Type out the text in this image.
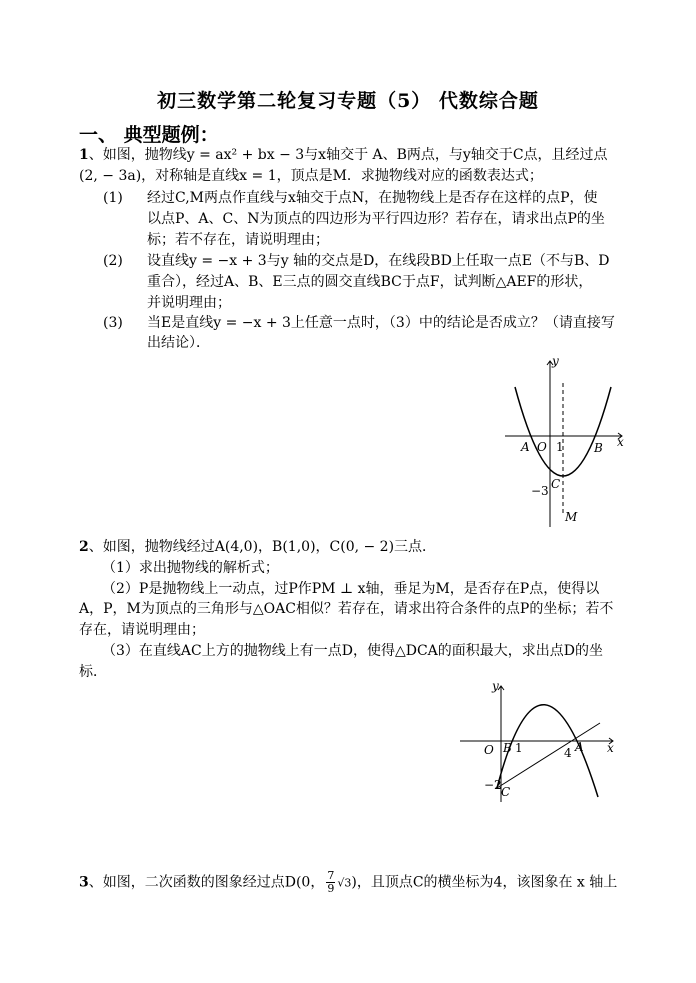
初三数学第二轮复习专题（5） 代数综合题
一、 典型题例：
1、如图，抛物线y = ax² + bx − 3与x轴交于 A、B两点，与y轴交于C点，且经过点
(2, − 3a)，对称轴是直线x = 1，顶点是M．求抛物线对应的函数表达式；
(1) 经过C,M两点作直线与x轴交于点N，在抛物线上是否存在这样的点P，使
以点P、A、C、N为顶点的四边形为平行四边形？若存在，请求出点P的坐
标；若不存在，请说明理由；
(2) 设直线y = −x + 3与y 轴的交点是D，在线段BD上任取一点E（不与B、D
重合），经过A、B、E三点的圆交直线BC于点F，试判断△AEF的形状，
并说明理由；
(3) 当E是直线y = −x + 3上任意一点时，（3）中的结论是否成立？（请直接写
出结论）．
y
x
A O 1	B
C
−3
M
2、如图，抛物线经过A(4,0)，B(1,0)，C(0, − 2)三点．
（1）求出抛物线的解析式；
（2）P是抛物线上一动点，过P作PM ⊥ x轴，垂足为M，是否存在P点，使得以
A，P，M为顶点的三角形与△OAC相似？若存在，请求出符合条件的点P的坐标；若不
存在，请说明理由；
（3）在直线AC上方的抛物线上有一点D，使得△DCA的面积最大，求出点D的坐
标．
y
x
O B 1	4 A
−2 C
3、如图，二次函数的图象经过点D(0， $\frac{7}{9} √3$)，且顶点C的横坐标为4，该图象在 x 轴上
